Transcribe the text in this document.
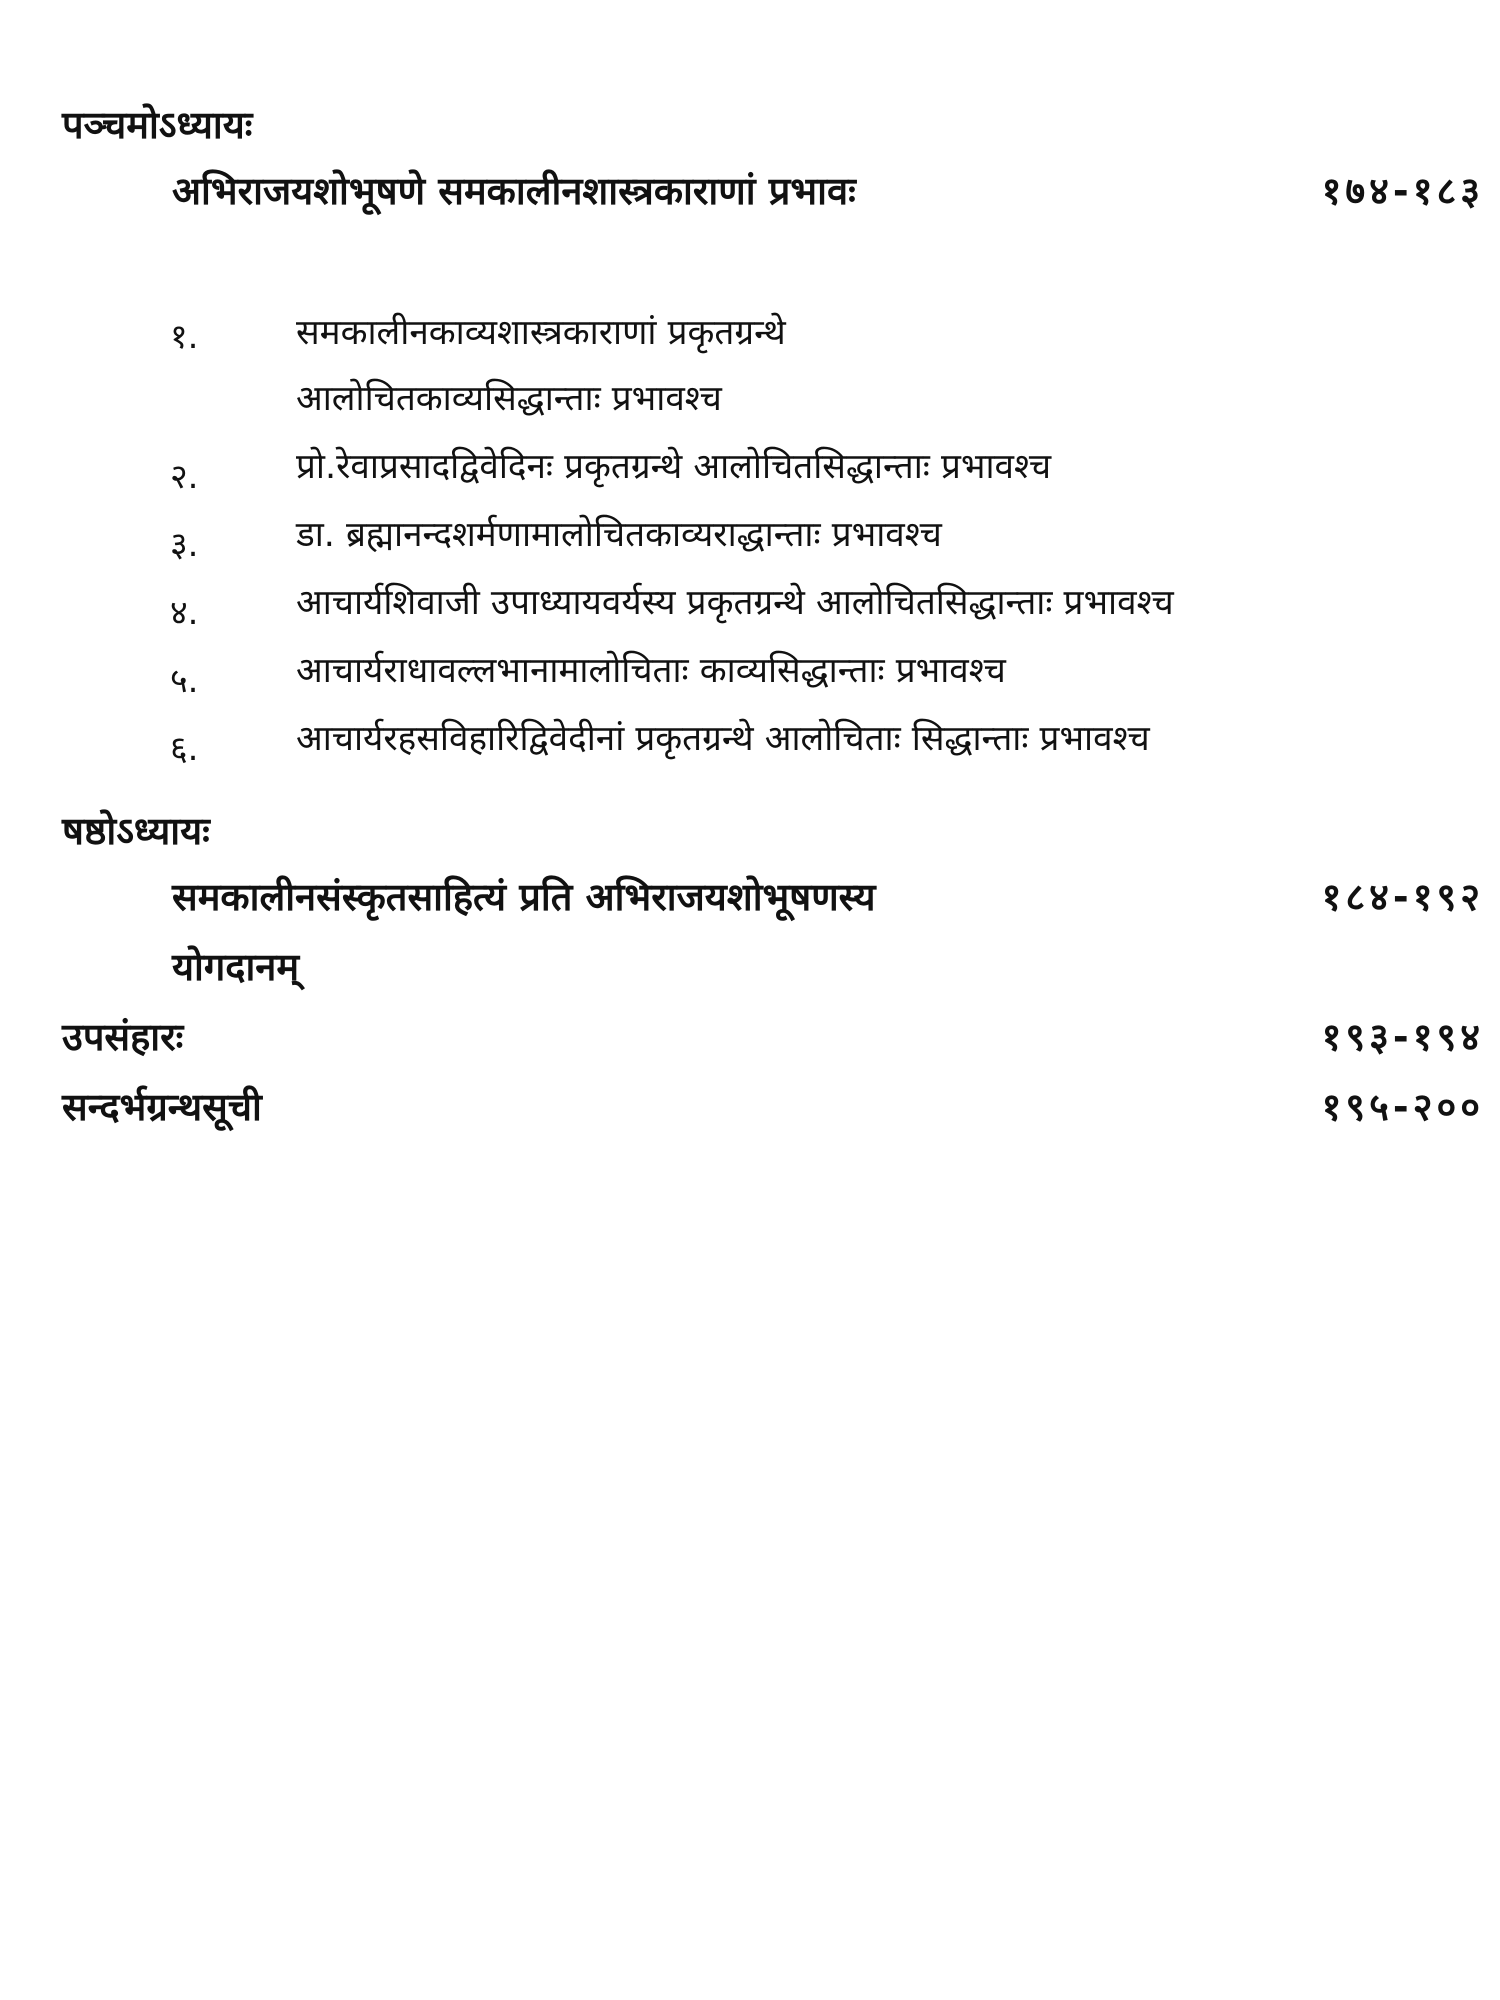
पञ्चमोऽध्यायः
अभिराजयशोभूषणे समकालीनशास्त्रकाराणां प्रभावः	१७४-१८३
१.	समकालीनकाव्यशास्त्रकाराणां प्रकृतग्रन्थे
आलोचितकाव्यसिद्धान्ताः प्रभावश्च
२.	प्रो.रेवाप्रसादद्विवेदिनः प्रकृतग्रन्थे आलोचितसिद्धान्ताः प्रभावश्च
३.	डा. ब्रह्मानन्दशर्मणामालोचितकाव्यराद्धान्ताः प्रभावश्च
४.	आचार्यशिवाजी उपाध्यायवर्यस्य प्रकृतग्रन्थे आलोचितसिद्धान्ताः प्रभावश्च
५.	आचार्यराधावल्लभानामालोचिताः काव्यसिद्धान्ताः प्रभावश्च
६.	आचार्यरहसविहारिद्विवेदीनां प्रकृतग्रन्थे आलोचिताः सिद्धान्ताः प्रभावश्च
षष्ठोऽध्यायः
समकालीनसंस्कृतसाहित्यं प्रति अभिराजयशोभूषणस्य	१८४-१९२
योगदानम्
उपसंहारः	१९३-१९४
सन्दर्भग्रन्थसूची	१९५-२००
